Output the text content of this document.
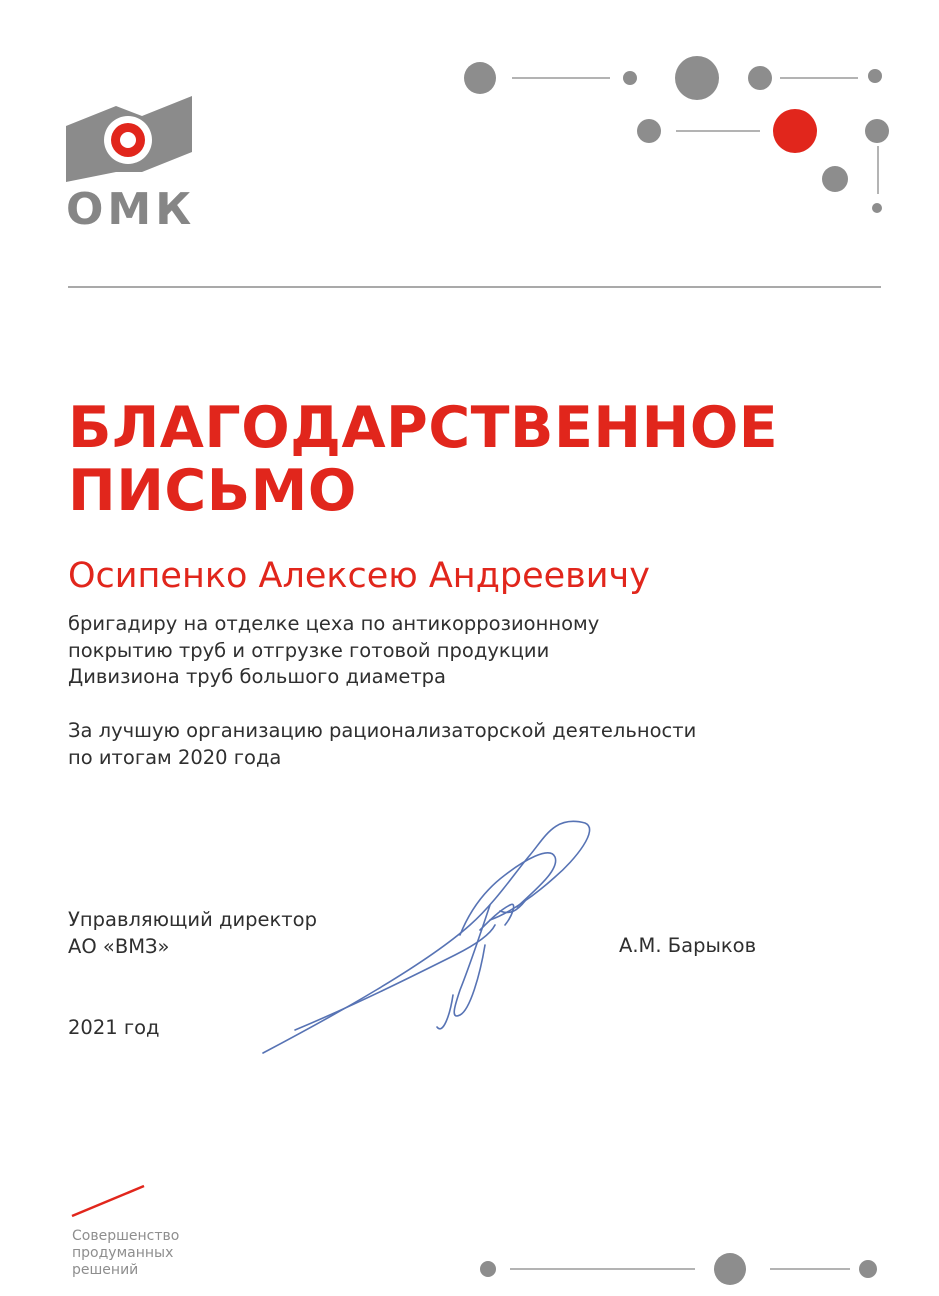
ОМК
БЛАГОДАРСТВЕННОЕ
ПИСЬМО
Осипенко Алексею Андреевичу
бригадиру на отделке цеха по антикоррозионному
покрытию труб и отгрузке готовой продукции
Дивизиона труб большого диаметра
За лучшую организацию рационализаторской деятельности
по итогам 2020 года
Управляющий директор
АО «ВМЗ»	А.М. Барыков
2021 год
Совершенство
продуманных
решений
